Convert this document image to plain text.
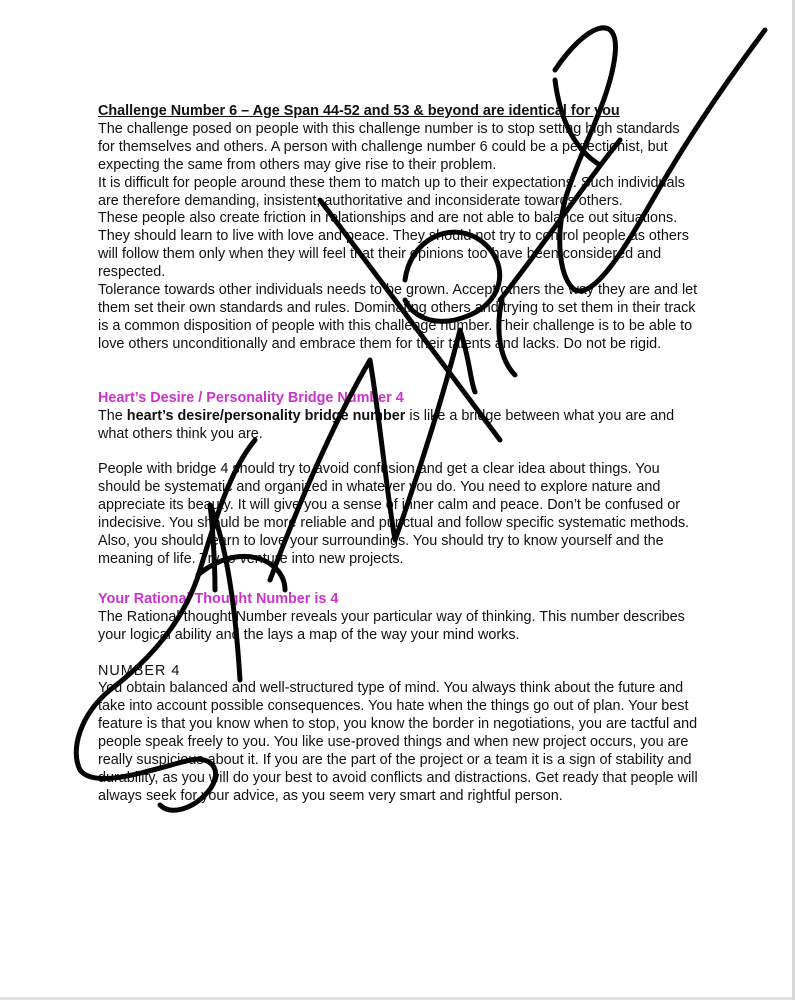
Challenge Number 6 – Age Span 44-52 and 53 & beyond are identical for you

The challenge posed on people with this challenge number is to stop setting high standards for themselves and others. A person with challenge number 6 could be a perfectionist, but expecting the same from others may give rise to their problem.

It is difficult for people around these them to match up to their expectations. Such individuals are therefore demanding, insistent, authoritative and inconsiderate towards others.

These people also create friction in relationships and are not able to balance out situations. They should learn to live with love and peace. They should not try to control people as others will follow them only when they will feel that their opinions too have been considered and respected.

Tolerance towards other individuals needs to be grown. Accept others the way they are and let them set their own standards and rules. Dominating others and trying to set them in their track is a common disposition of people with this challenge number. Their challenge is to be able to love others unconditionally and embrace them for their talents and lacks. Do not be rigid.

Heart’s Desire / Personality Bridge Number 4

The heart’s desire/personality bridge number is like a bridge between what you are and what others think you are.

People with bridge 4 should try to avoid confusion and get a clear idea about things. You should be systematic and organized in whatever you do. You need to explore nature and appreciate its beauty. It will give you a sense of inner calm and peace. Don’t be confused or indecisive. You should be more reliable and punctual and follow specific systematic methods. Also, you should learn to love your surroundings. You should try to know yourself and the meaning of life. Try to venture into new projects.

Your Rational Thought Number is 4

The Rational thought Number reveals your particular way of thinking. This number describes your logical ability and the lays a map of the way your mind works.

NUMBER 4

You obtain balanced and well-structured type of mind. You always think about the future and take into account possible consequences. You hate when the things go out of plan. Your best feature is that you know when to stop, you know the border in negotiations, you are tactful and people speak freely to you. You like use-proved things and when new project occurs, you are really suspicious about it. If you are the part of the project or a team it is a sign of stability and durability, as you will do your best to avoid conflicts and distractions. Get ready that people will always seek for your advice, as you seem very smart and rightful person.
